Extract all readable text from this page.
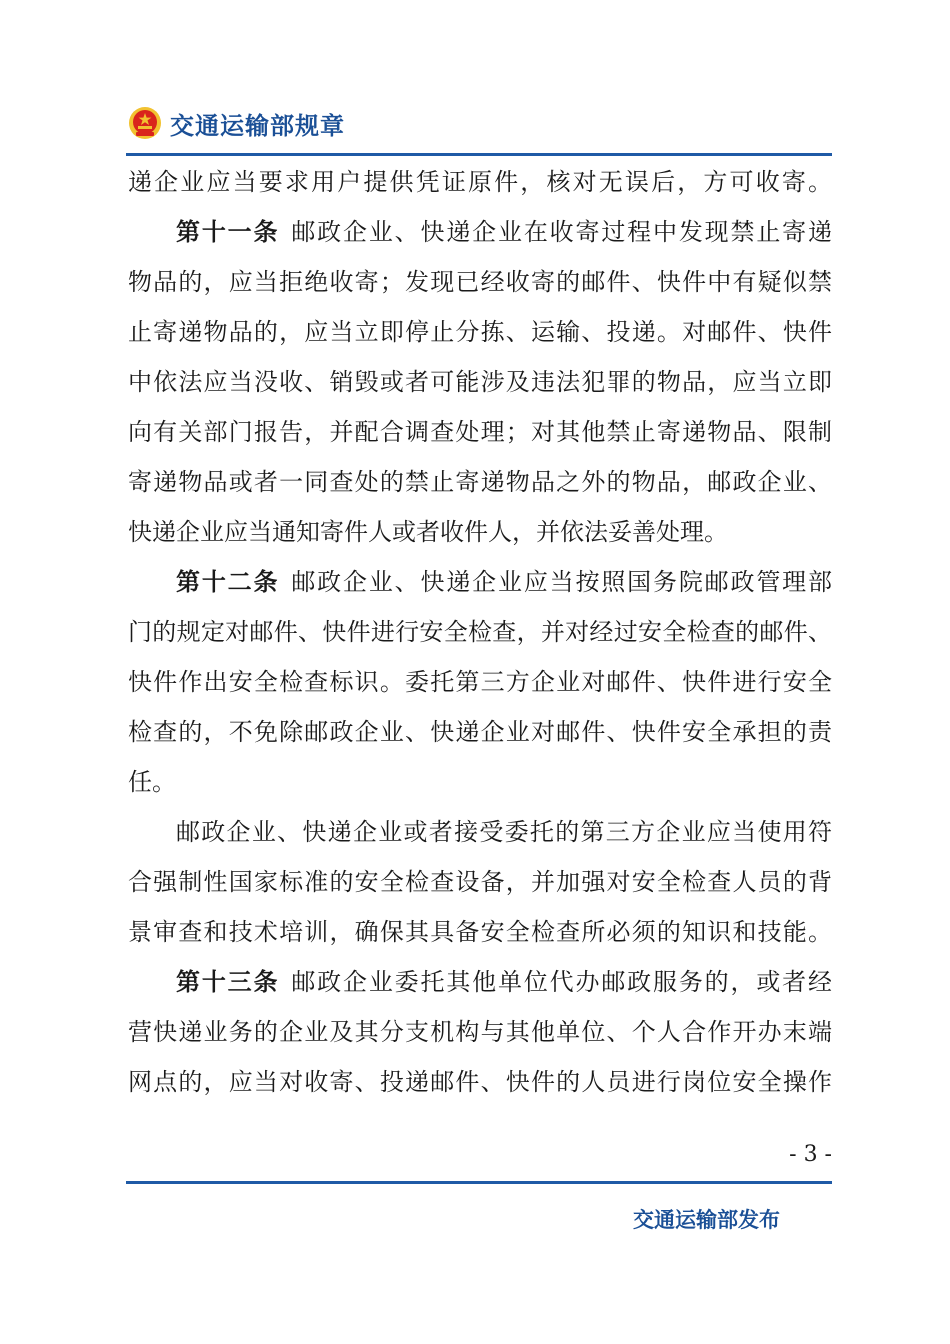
交通运输部规章
递企业应当要求用户提供凭证原件，核对无误后，方可收寄。
第十一条 邮政企业、快递企业在收寄过程中发现禁止寄递
物品的，应当拒绝收寄；发现已经收寄的邮件、快件中有疑似禁
止寄递物品的，应当立即停止分拣、运输、投递。对邮件、快件
中依法应当没收、销毁或者可能涉及违法犯罪的物品，应当立即
向有关部门报告，并配合调查处理；对其他禁止寄递物品、限制
寄递物品或者一同查处的禁止寄递物品之外的物品，邮政企业、
快递企业应当通知寄件人或者收件人，并依法妥善处理。
第十二条 邮政企业、快递企业应当按照国务院邮政管理部
门的规定对邮件、快件进行安全检查，并对经过安全检查的邮件、
快件作出安全检查标识。委托第三方企业对邮件、快件进行安全
检查的，不免除邮政企业、快递企业对邮件、快件安全承担的责
任。
邮政企业、快递企业或者接受委托的第三方企业应当使用符
合强制性国家标准的安全检查设备，并加强对安全检查人员的背
景审查和技术培训，确保其具备安全检查所必须的知识和技能。
第十三条 邮政企业委托其他单位代办邮政服务的，或者经
营快递业务的企业及其分支机构与其他单位、个人合作开办末端
网点的，应当对收寄、投递邮件、快件的人员进行岗位安全操作
- 3 -
交通运输部发布
